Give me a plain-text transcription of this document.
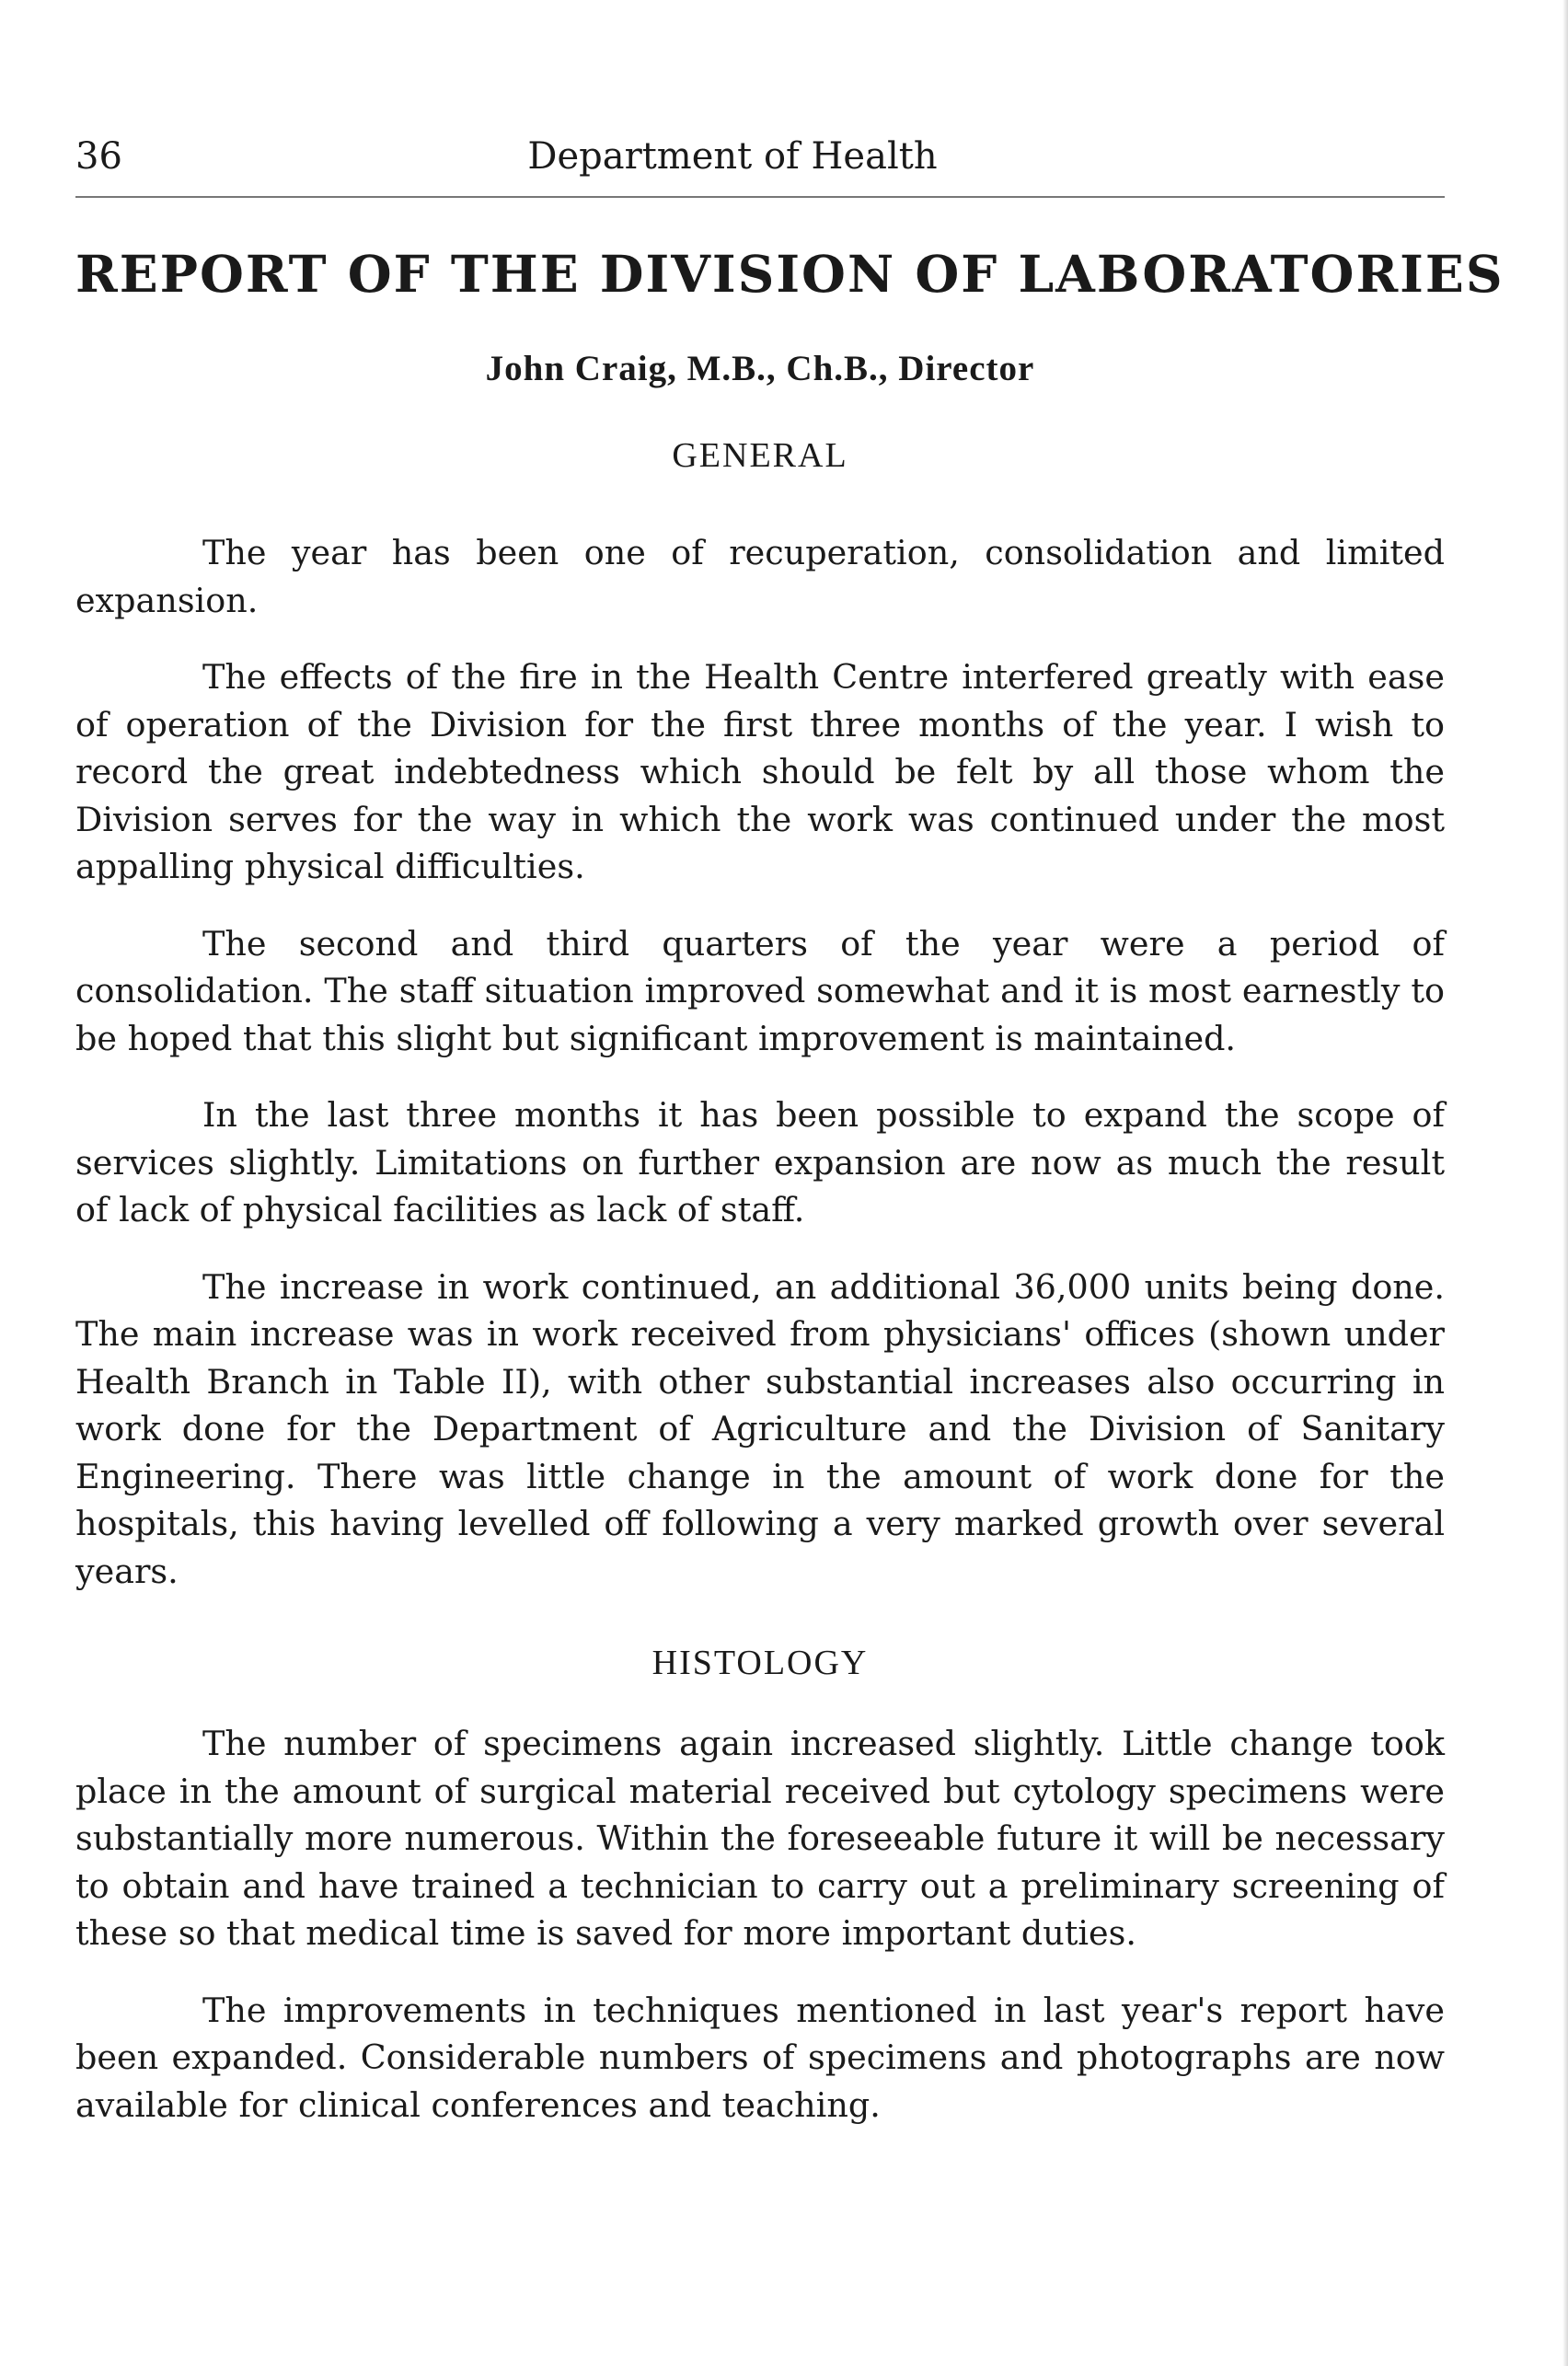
36	Department of Health
REPORT OF THE DIVISION OF LABORATORIES
John Craig, M.B., Ch.B., Director
GENERAL

The year has been one of recuperation, consolidation and limited expansion.

The effects of the fire in the Health Centre interfered greatly with ease of operation of the Division for the first three months of the year. I wish to record the great indebtedness which should be felt by all those whom the Division serves for the way in which the work was continued under the most appalling physical difficulties.

The second and third quarters of the year were a period of consolidation. The staff situation improved somewhat and it is most earnestly to be hoped that this slight but significant improvement is maintained.

In the last three months it has been possible to expand the scope of services slightly. Limitations on further expansion are now as much the result of lack of physical facilities as lack of staff.

The increase in work continued, an additional 36,000 units being done. The main increase was in work received from physicians' offices (shown under Health Branch in Table II), with other substantial increases also occurring in work done for the Department of Agriculture and the Division of Sanitary Engineering. There was little change in the amount of work done for the hospitals, this having levelled off following a very marked growth over several years.

HISTOLOGY

The number of specimens again increased slightly. Little change took place in the amount of surgical material received but cytology specimens were substantially more numerous. Within the foreseeable future it will be necessary to obtain and have trained a technician to carry out a preliminary screening of these so that medical time is saved for more important duties.

The improvements in techniques mentioned in last year's report have been expanded. Considerable numbers of specimens and photographs are now available for clinical conferences and teaching.
